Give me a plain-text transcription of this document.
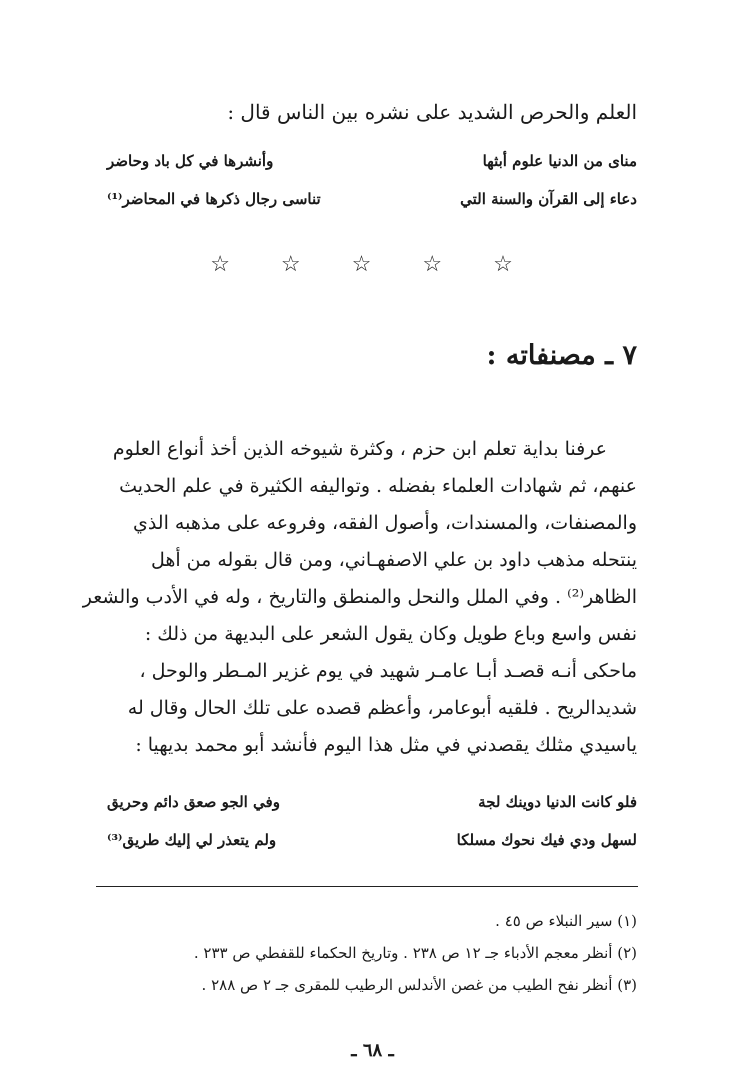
العلم والحرص الشديد على نشره بين الناس قال :
مناى من الدنيا علوم أبثها
وأنشرها في كل باد وحاضر
دعاء إلى القرآن والسنة التي
تناسى رجال ذكرها في المحاضر⁽¹⁾
☆ ☆ ☆ ☆ ☆
٧ ـ مصنفاته :
عرفنا بداية تعلم ابن حزم ، وكثرة شيوخه الذين أخذ أنواع العلوم
عنهم، ثم شهادات العلماء بفضله . وتواليفه الكثيرة في علم الحديث
والمصنفات، والمسندات، وأصول الفقه، وفروعه على مذهبه الذي
ينتحله مذهب داود بن علي الاصفهـاني، ومن قال بقوله من أهل
الظاهر⁽²⁾ . وفي الملل والنحل والمنطق والتاريخ ، وله في الأدب والشعر
نفس واسع وباع طويل وكان يقول الشعر على البديهة من ذلك :
ماحكى أنـه قصـد أبـا عامـر شهيد في يوم غزير المـطر والوحل ،
شديدالريح . فلقيه أبوعامر، وأعظم قصده على تلك الحال وقال له
ياسيدي مثلك يقصدني في مثل هذا اليوم فأنشد أبو محمد بديهيا :
فلو كانت الدنيا دوينك لجة
وفي الجو صعق دائم وحريق
لسهل ودي فيك نحوك مسلكا
ولم يتعذر لي إليك طريق⁽³⁾
(١) سير النبلاء ص ٤٥ .
(٢) أنظر معجم الأدباء جـ ١٢ ص ٢٣٨ . وتاريخ الحكماء للقفطي ص ٢٣٣ .
(٣) أنظر نفح الطيب من غصن الأندلس الرطيب للمقرى جـ ٢ ص ٢٨٨ .
ـ ٦٨ ـ
